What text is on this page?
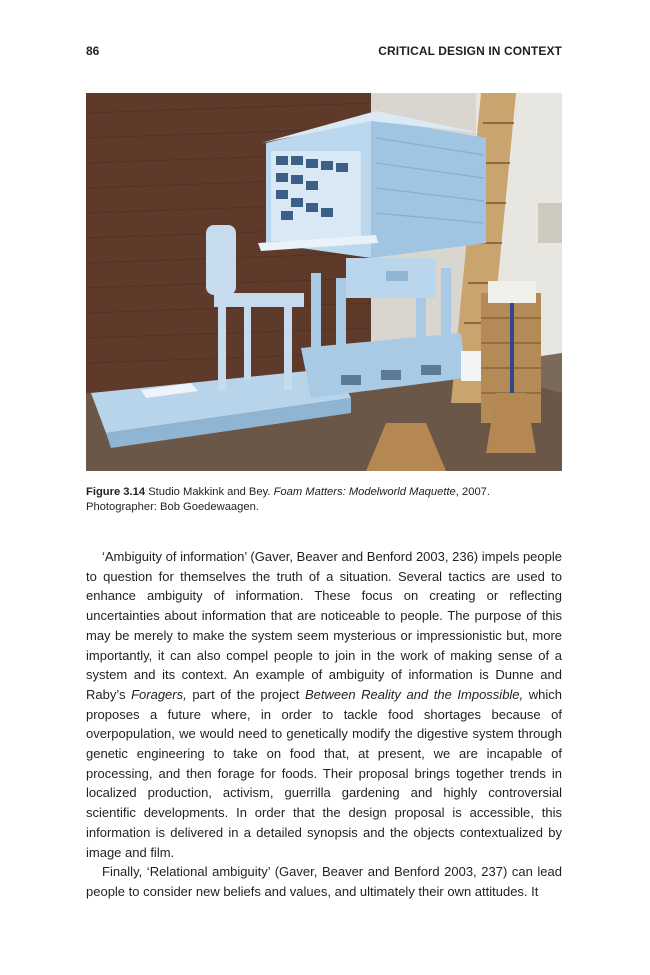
86	CRITICAL DESIGN IN CONTEXT
Figure 3.14 Studio Makkink and Bey. Foam Matters: Modelworld Maquette, 2007.
Photographer: Bob Goedewaagen.

‘Ambiguity of information’ (Gaver, Beaver and Benford 2003, 236) impels people to question for themselves the truth of a situation. Several tactics are used to enhance ambiguity of information. These focus on creating or reflecting uncertainties about information that are noticeable to people. The purpose of this may be merely to make the system seem mysterious or impressionistic but, more importantly, it can also compel people to join in the work of making sense of a system and its context. An example of ambiguity of information is Dunne and Raby’s Foragers, part of the project Between Reality and the Impossible, which proposes a future where, in order to tackle food shortages because of overpopulation, we would need to genetically modify the digestive system through genetic engineering to take on food that, at present, we are incapable of processing, and then forage for foods. Their proposal brings together trends in localized production, activism, guerrilla gardening and highly controversial scientific developments. In order that the design proposal is accessible, this information is delivered in a detailed synopsis and the objects contextualized by image and film.

Finally, ‘Relational ambiguity’ (Gaver, Beaver and Benford 2003, 237) can lead people to consider new beliefs and values, and ultimately their own attitudes. It
